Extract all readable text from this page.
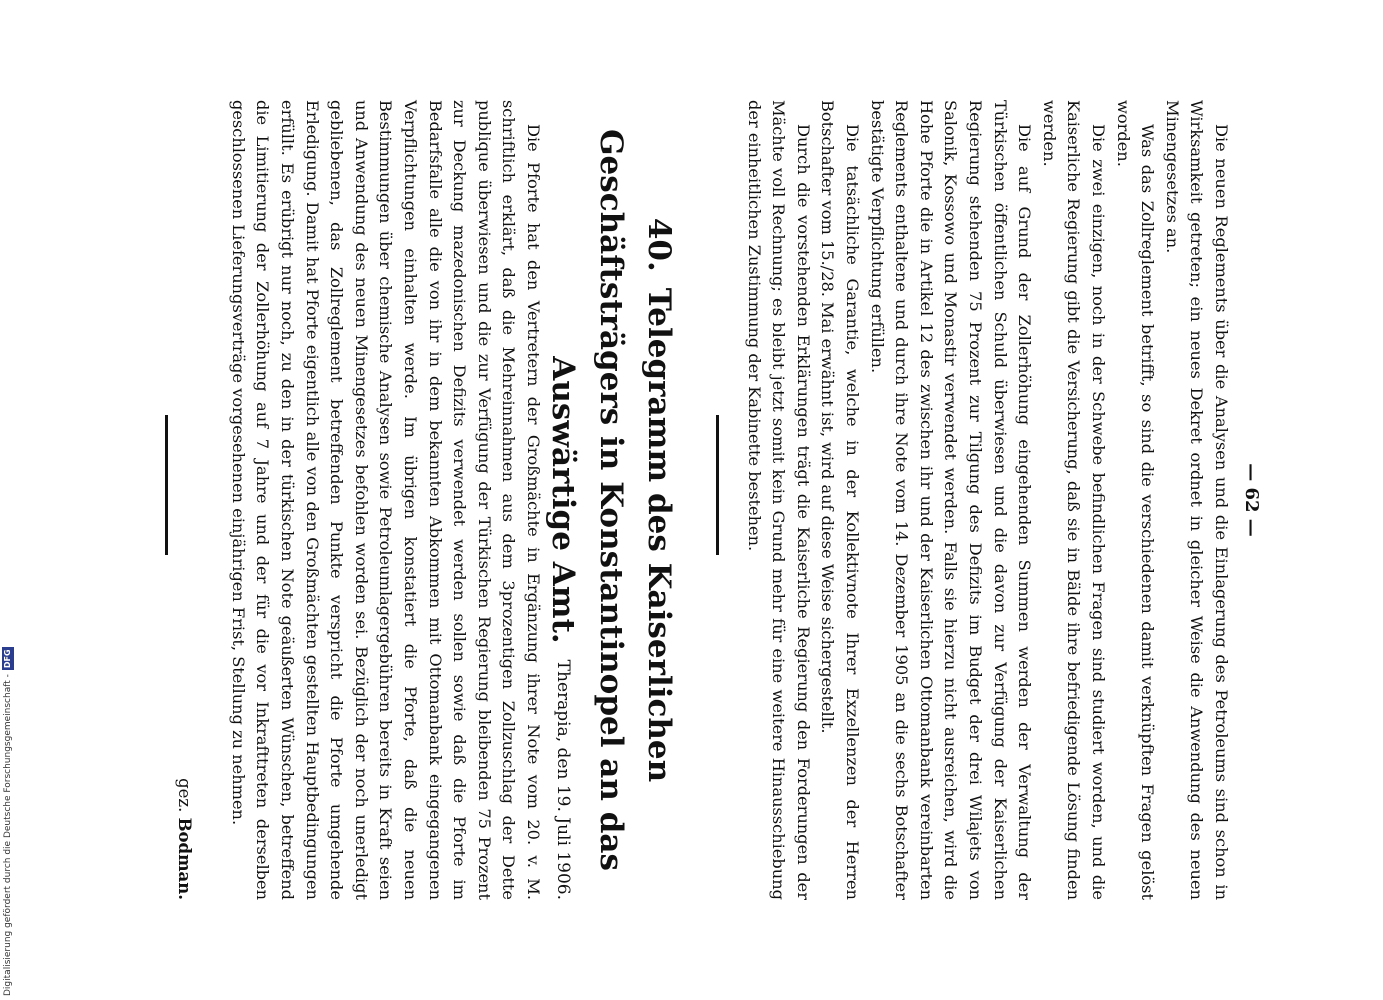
— 62 —

Die neuen Reglements über die Analysen und die Einlagerung des Petroleums sind schon in Wirksamkeit getreten; ein neues Dekret ordnet in gleicher Weise die Anwendung des neuen Minengesetzes an.

Was das Zollreglement betrifft, so sind die verschiedenen damit verknüpften Fragen gelöst worden.

Die zwei einzigen, noch in der Schwebe befindlichen Fragen sind studiert worden, und die Kaiserliche Regierung gibt die Versicherung, daß sie in Bälde ihre befriedigende Lösung finden werden.

Die auf Grund der Zollerhöhung eingehenden Summen werden der Verwaltung der Türkischen öffentlichen Schuld überwiesen und die davon zur Verfügung der Kaiserlichen Regierung stehenden 75 Prozent zur Tilgung des Defizits im Budget der drei Wilajets von Salonik, Kossowo und Monastir verwendet werden. Falls sie hierzu nicht ausreichen, wird die Hohe Pforte die in Artikel 12 des zwischen ihr und der Kaiserlichen Ottomanbank vereinbarten Reglements enthaltene und durch ihre Note vom 14. Dezember 1905 an die sechs Botschafter bestätigte Verpflichtung erfüllen.

Die tatsächliche Garantie, welche in der Kollektivnote Ihrer Exzellenzen der Herren Botschafter vom 15./28. Mai erwähnt ist, wird auf diese Weise sichergestellt.

Durch die vorstehenden Erklärungen trägt die Kaiserliche Regierung den Forderungen der Mächte voll Rechnung; es bleibt jetzt somit kein Grund mehr für eine weitere Hinausschiebung der einheitlichen Zustimmung der Kabinette bestehen.

40.Telegramm des Kaiserlichen Geschäftsträgers in Konstantinopel an das Auswärtige Amt.
Therapia, den 19. Juli 1906.

Die Pforte hat den Vertretern der Großmächte in Ergänzung ihrer Note vom 20. v. M. schriftlich erklärt, daß die Mehreinnahmen aus dem 3prozentigen Zollzuschlag der Dette publique überwiesen und die zur Verfügung der Türkischen Regierung bleibenden 75 Prozent zur Deckung mazedonischen Defizits verwendet werden sollen sowie daß die Pforte im Bedarfsfalle alle die von ihr in dem bekannten Abkommen mit Ottomanbank eingegangenen Verpflichtungen einhalten werde. Im übrigen konstatiert die Pforte, daß die neuen Bestimmungen über chemische Analysen sowie Petroleumlagergebühren bereits in Kraft seien und Anwendung des neuen Minengesetzes befohlen worden sei. Bezüglich der noch unerledigt gebliebenen, das Zollreglement betreffenden Punkte verspricht die Pforte umgehende Erledigung. Damit hat Pforte eigentlich alle von den Großmächten gestellten Hauptbedingungen erfüllt. Es erübrigt nur noch, zu den in der türkischen Note geäußerten Wünschen, betreffend die Limitierung der Zollerhöhung auf 7 Jahre und der für die vor Inkrafttreten derselben geschlossenen Lieferungsverträge vorgesehenen einjährigen Frist, Stellung zu nehmen.

gez. Bodman.
Digitalisierung gefördert durch die Deutsche Forschungsgemeinschaft -DFG
